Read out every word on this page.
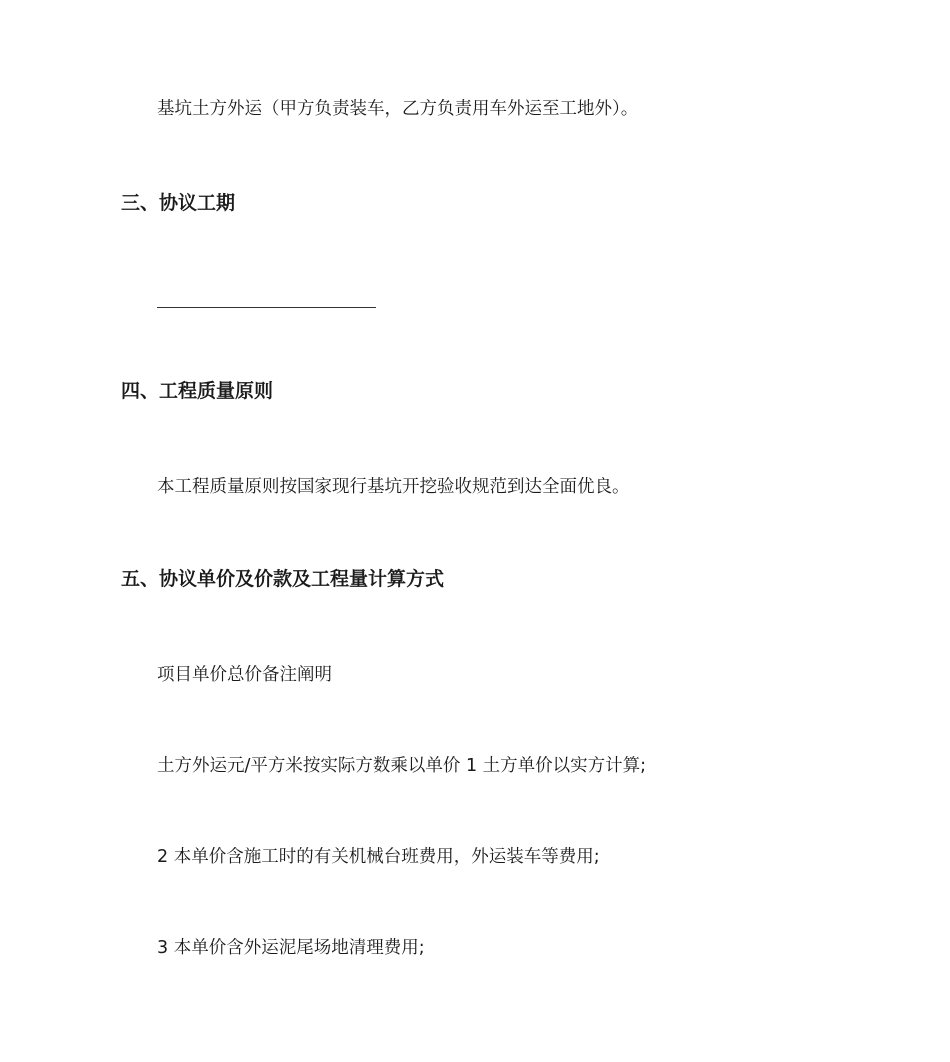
基坑土方外运（甲方负责装车，乙方负责用车外运至工地外）。
三、协议工期
四、工程质量原则
本工程质量原则按国家现行基坑开挖验收规范到达全面优良。
五、协议单价及价款及工程量计算方式
项目单价总价备注阐明
土方外运元/平方米按实际方数乘以单价 1 土方单价以实方计算;
2 本单价含施工时的有关机械台班费用，外运装车等费用;
3 本单价含外运泥尾场地清理费用;
